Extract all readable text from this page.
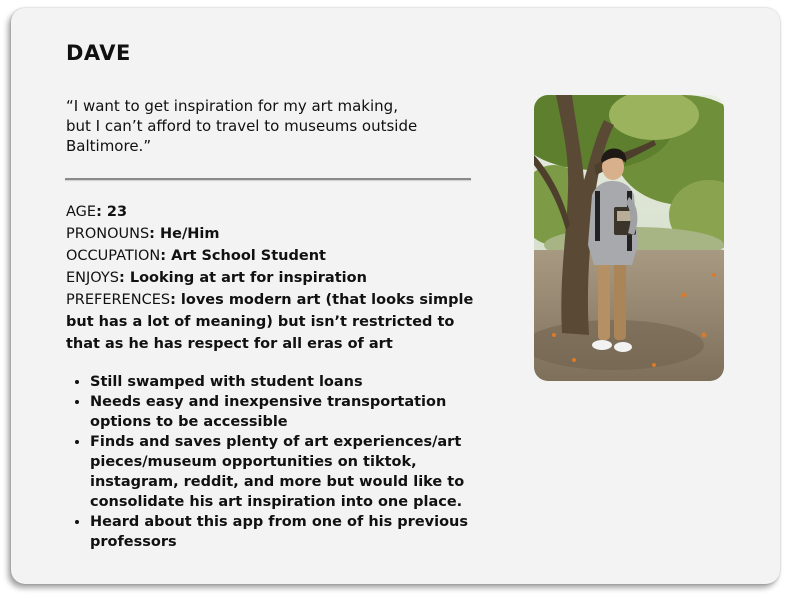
DAVE

“I want to get inspiration for my art making,
but I can’t afford to travel to museums outside
Baltimore.”

AGE: 23
PRONOUNS: He/Him
OCCUPATION: Art School Student
ENJOYS: Looking at art for inspiration
PREFERENCES: loves modern art (that looks simple but has a lot of meaning) but isn’t restricted to that as he has respect for all eras of art
• Still swamped with student loans
• Needs easy and inexpensive transportation options to be accessible
• Finds and saves plenty of art experiences/art pieces/museum opportunities on tiktok, instagram, reddit, and more but would like to consolidate his art inspiration into one place.
• Heard about this app from one of his previous professors
